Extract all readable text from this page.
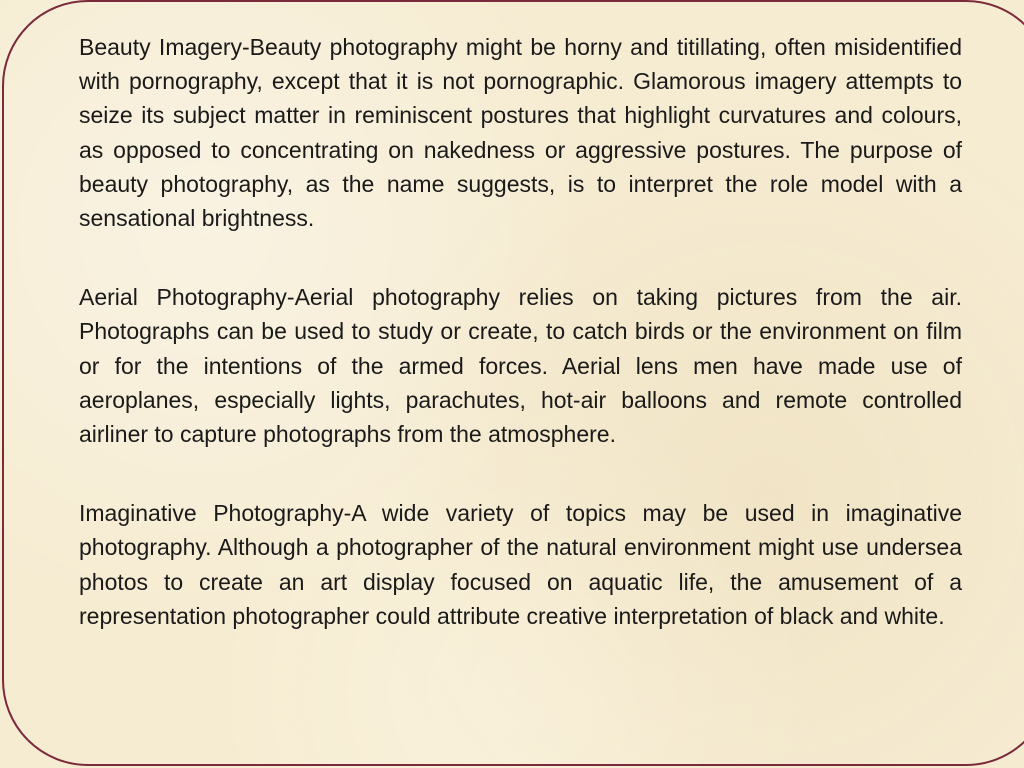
Beauty Imagery-Beauty photography might be horny and titillating, often misidentified with pornography, except that it is not pornographic. Glamorous imagery attempts to seize its subject matter in reminiscent postures that highlight curvatures and colours, as opposed to concentrating on nakedness or aggressive postures. The purpose of beauty photography, as the name suggests, is to interpret the role model with a sensational brightness.

Aerial Photography-Aerial photography relies on taking pictures from the air. Photographs can be used to study or create, to catch birds or the environment on film or for the intentions of the armed forces. Aerial lens men have made use of aeroplanes, especially lights, parachutes, hot-air balloons and remote controlled airliner to capture photographs from the atmosphere.

Imaginative Photography-A wide variety of topics may be used in imaginative photography. Although a photographer of the natural environment might use undersea photos to create an art display focused on aquatic life, the amusement of a representation photographer could attribute creative interpretation of black and white.
